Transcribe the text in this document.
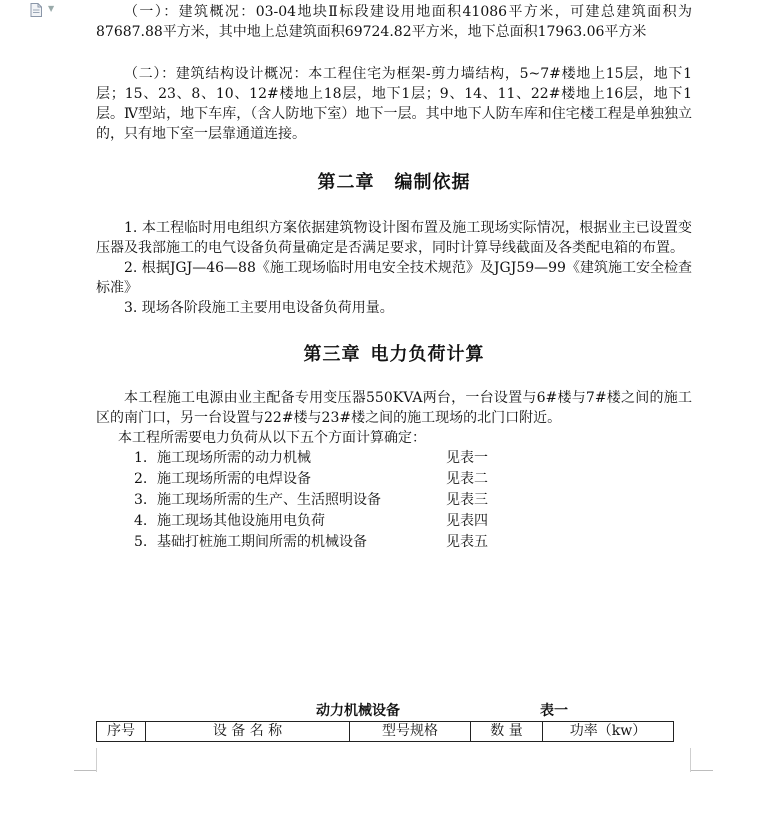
▼	（一）：建筑概况：03-04地块Ⅱ标段建设用地面积41086平方米，可建总建筑面积为87687.88平方米，其中地上总建筑面积69724.82平方米，地下总面积17963.06平方米

（二）：建筑结构设计概况：本工程住宅为框架-剪力墙结构，5~7#楼地上15层，地下1层；15、23、8、10、12#楼地上18层，地下1层；9、14、11、22#楼地上16层，地下1层。Ⅳ型站，地下车库，（含人防地下室）地下一层。其中地下人防车库和住宅楼工程是单独独立的，只有地下室一层靠通道连接。

第二章 编制依据

1. 本工程临时用电组织方案依据建筑物设计图布置及施工现场实际情况，根据业主已设置变压器及我部施工的电气设备负荷量确定是否满足要求，同时计算导线截面及各类配电箱的布置。

2. 根据JGJ—46—88《施工现场临时用电安全技术规范》及JGJ59—99《建筑施工安全检查标准》

3. 现场各阶段施工主要用电设备负荷用量。

第三章 电力负荷计算

本工程施工电源由业主配备专用变压器550KVA两台，一台设置与6#楼与7#楼之间的施工区的南门口，另一台设置与22#楼与23#楼之间的施工现场的北门口附近。

本工程所需要电力负荷从以下五个方面计算确定：

1. 施工现场所需的动力机械	见表一
2. 施工现场所需的电焊设备	见表二
3. 施工现场所需的生产、生活照明设备	见表三
4. 施工现场其他设施用电负荷	见表四
5. 基础打桩施工期间所需的机械设备	见表五
动力机械设备	表一
序号	设 备 名 称	型号规格	数 量	功率（kw）
